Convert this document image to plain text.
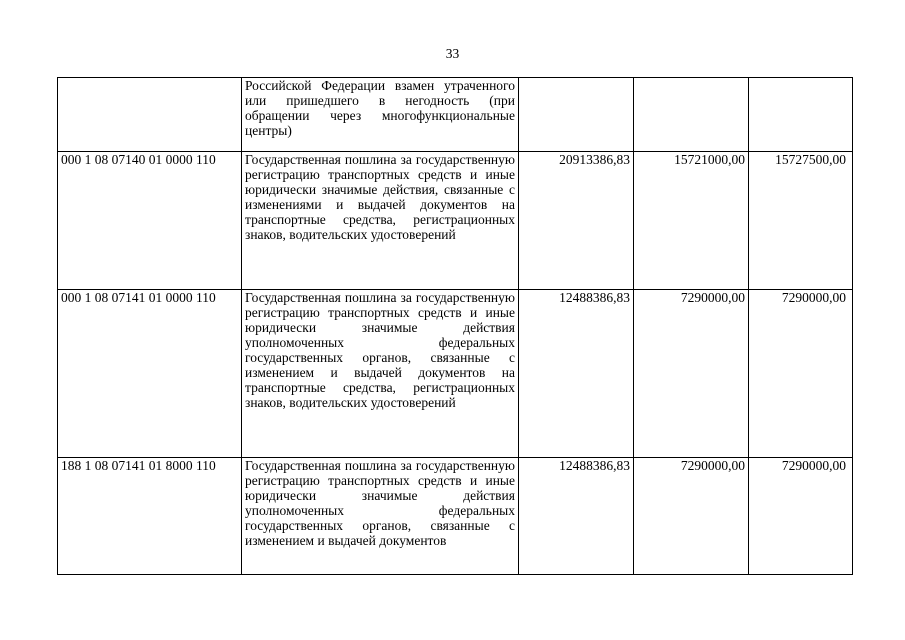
33
	Российской Федерации взамен утраченного или пришедшего в негодность (при обращении через многофункциональные центры)			
000 1 08 07140 01 0000 110	Государственная пошлина за государственную регистрацию транспортных средств и иные юридически значимые действия, связанные с изменениями и выдачей документов на транспортные средства, регистрационных знаков, водительских удостоверений	20913386,83	15721000,00	15727500,00
000 1 08 07141 01 0000 110	Государственная пошлина за государственную регистрацию транспортных средств и иные юридически значимые действия уполномоченных федеральных государственных органов, связанные с изменением и выдачей документов на транспортные средства, регистрационных знаков, водительских удостоверений	12488386,83	7290000,00	7290000,00
188 1 08 07141 01 8000 110	Государственная пошлина за государственную регистрацию транспортных средств и иные юридически значимые действия уполномоченных федеральных государственных органов, связанные с изменением и выдачей документов	12488386,83	7290000,00	7290000,00
